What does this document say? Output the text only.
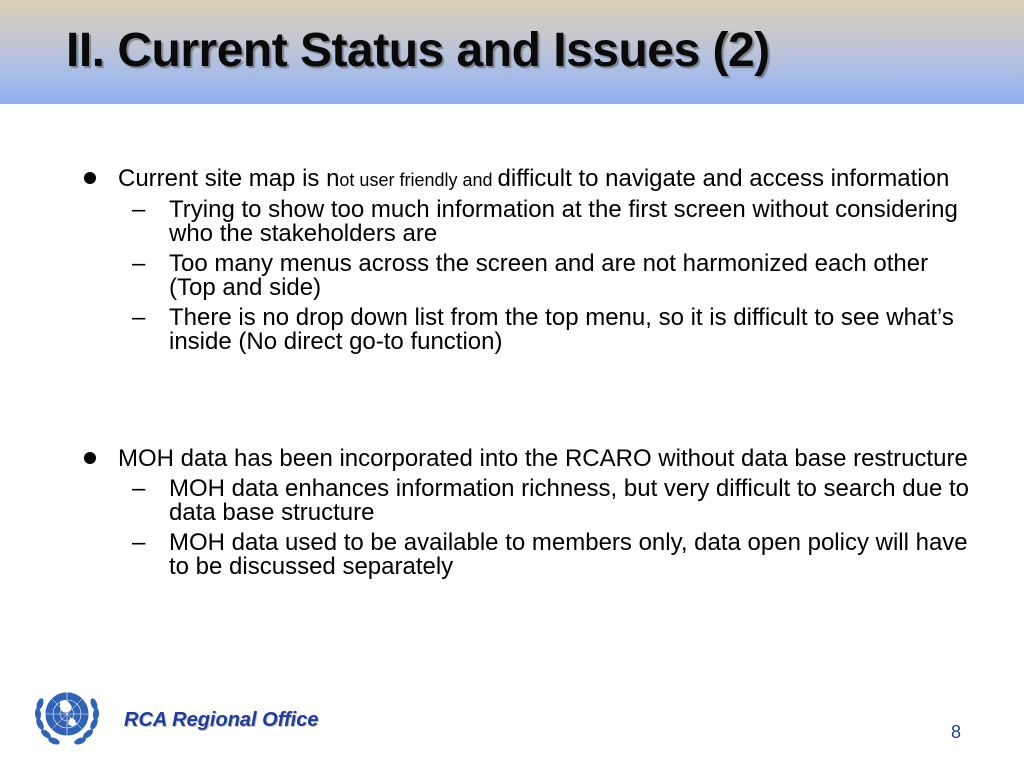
II. Current Status and Issues (2)
Current site map is not user friendly and difficult to navigate and access information
– Trying to show too much information at the first screen without considering who the stakeholders are
– Too many menus across the screen and are not harmonized each other (Top and side)
– There is no drop down list from the top menu, so it is difficult to see what’s inside (No direct go-to function)
MOH data has been incorporated into the RCARO without data base restructure
– MOH data enhances information richness, but very difficult to search due to data base structure
– MOH data used to be available to members only, data open policy will have to be discussed separately
RCA Regional Office
8
